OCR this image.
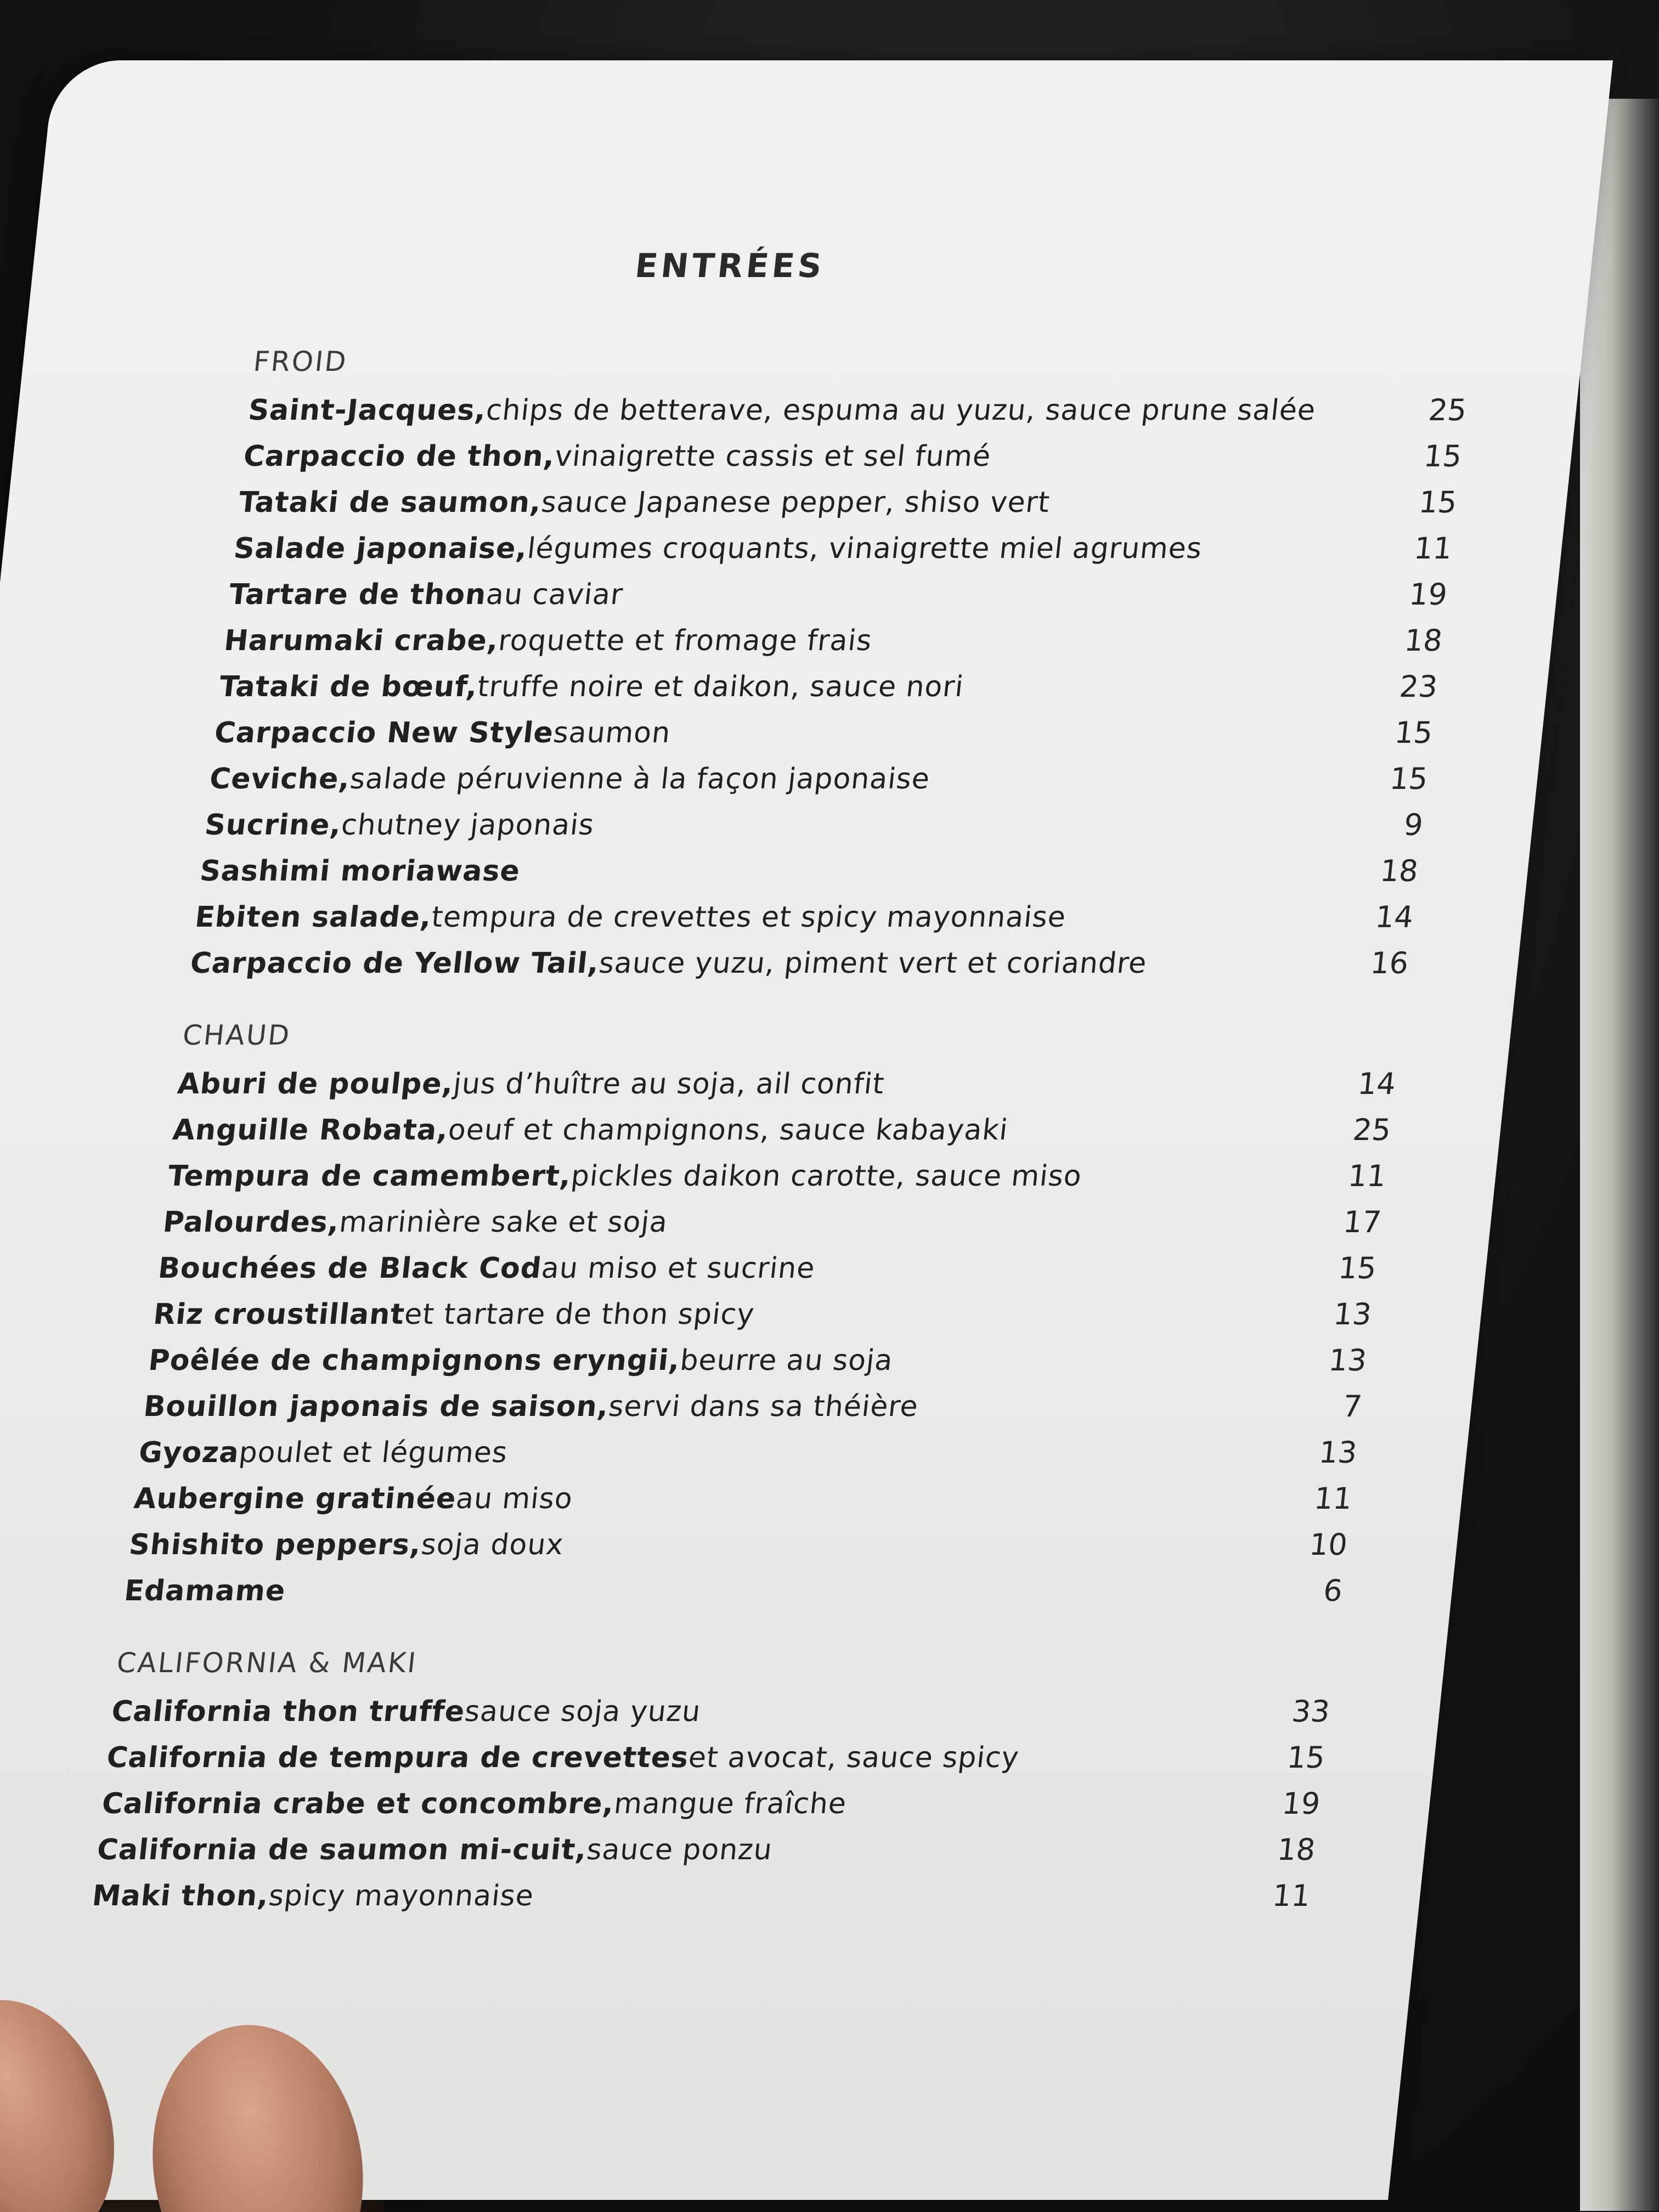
ENTRÉES
FROID
Saint-Jacques,
chips de betterave, espuma au yuzu, sauce prune salée
Carpaccio de thon,
vinaigrette cassis et sel fumé
Tataki de saumon,
sauce Japanese pepper, shiso vert
Salade japonaise,
légumes croquants, vinaigrette miel agrumes
Tartare de thon
au caviar
Harumaki crabe,
roquette et fromage frais
Tataki de bœuf,
truffe noire et daikon, sauce nori
Carpaccio New Style
saumon
Ceviche,
salade péruvienne à la façon japonaise
Sucrine,
chutney japonais
Sashimi moriawase
Ebiten salade,
tempura de crevettes et spicy mayonnaise
Carpaccio de Yellow Tail,
sauce yuzu, piment vert et coriandre
25
15
15
11
19
18
23
15
15
9
18
14
16
CHAUD
Aburi de poulpe,
jus d’huître au soja, ail confit
Anguille Robata,
oeuf et champignons, sauce kabayaki
Tempura de camembert,
pickles daikon carotte, sauce miso
Palourdes,
marinière sake et soja
Bouchées de Black Cod
au miso et sucrine
Riz croustillant
et tartare de thon spicy
Poêlée de champignons eryngii,
beurre au soja
Bouillon japonais de saison,
servi dans sa théière
Gyoza
poulet et légumes
Aubergine gratinée
au miso
Shishito peppers,
soja doux
Edamame
14
25
11
17
15
13
13
7
13
11
10
6
CALIFORNIA & MAKI
California thon truffe
sauce soja yuzu
California de tempura de crevettes
et avocat, sauce spicy
California crabe et concombre,
mangue fraîche
California de saumon mi-cuit,
sauce ponzu
Maki thon,
spicy mayonnaise
33
15
19
18
11
